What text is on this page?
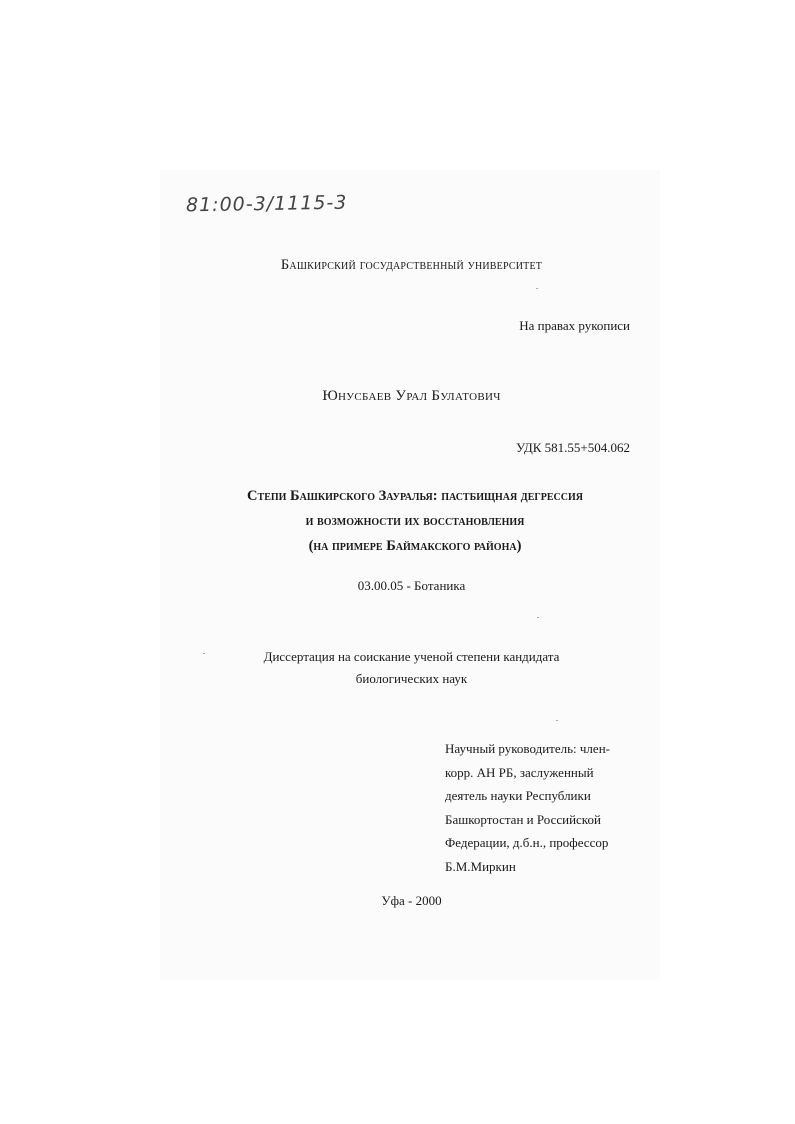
81:00-3/1115-3
Башкирский государственный университет
На правах рукописи
Юнусбаев Урал Булатович
УДК 581.55+504.062
Степи Башкирского Зауралья: пастбищная дегрессия
и возможности их восстановления
(на примере Баймакского района)
03.00.05 - Ботаника
Диссертация на соискание ученой степени кандидата
биологических наук
Научный руководитель: член-
корр. АН РБ, заслуженный
деятель науки Республики
Башкортостан и Российской
Федерации, д.б.н., профессор
Б.М.Миркин
Уфа - 2000
